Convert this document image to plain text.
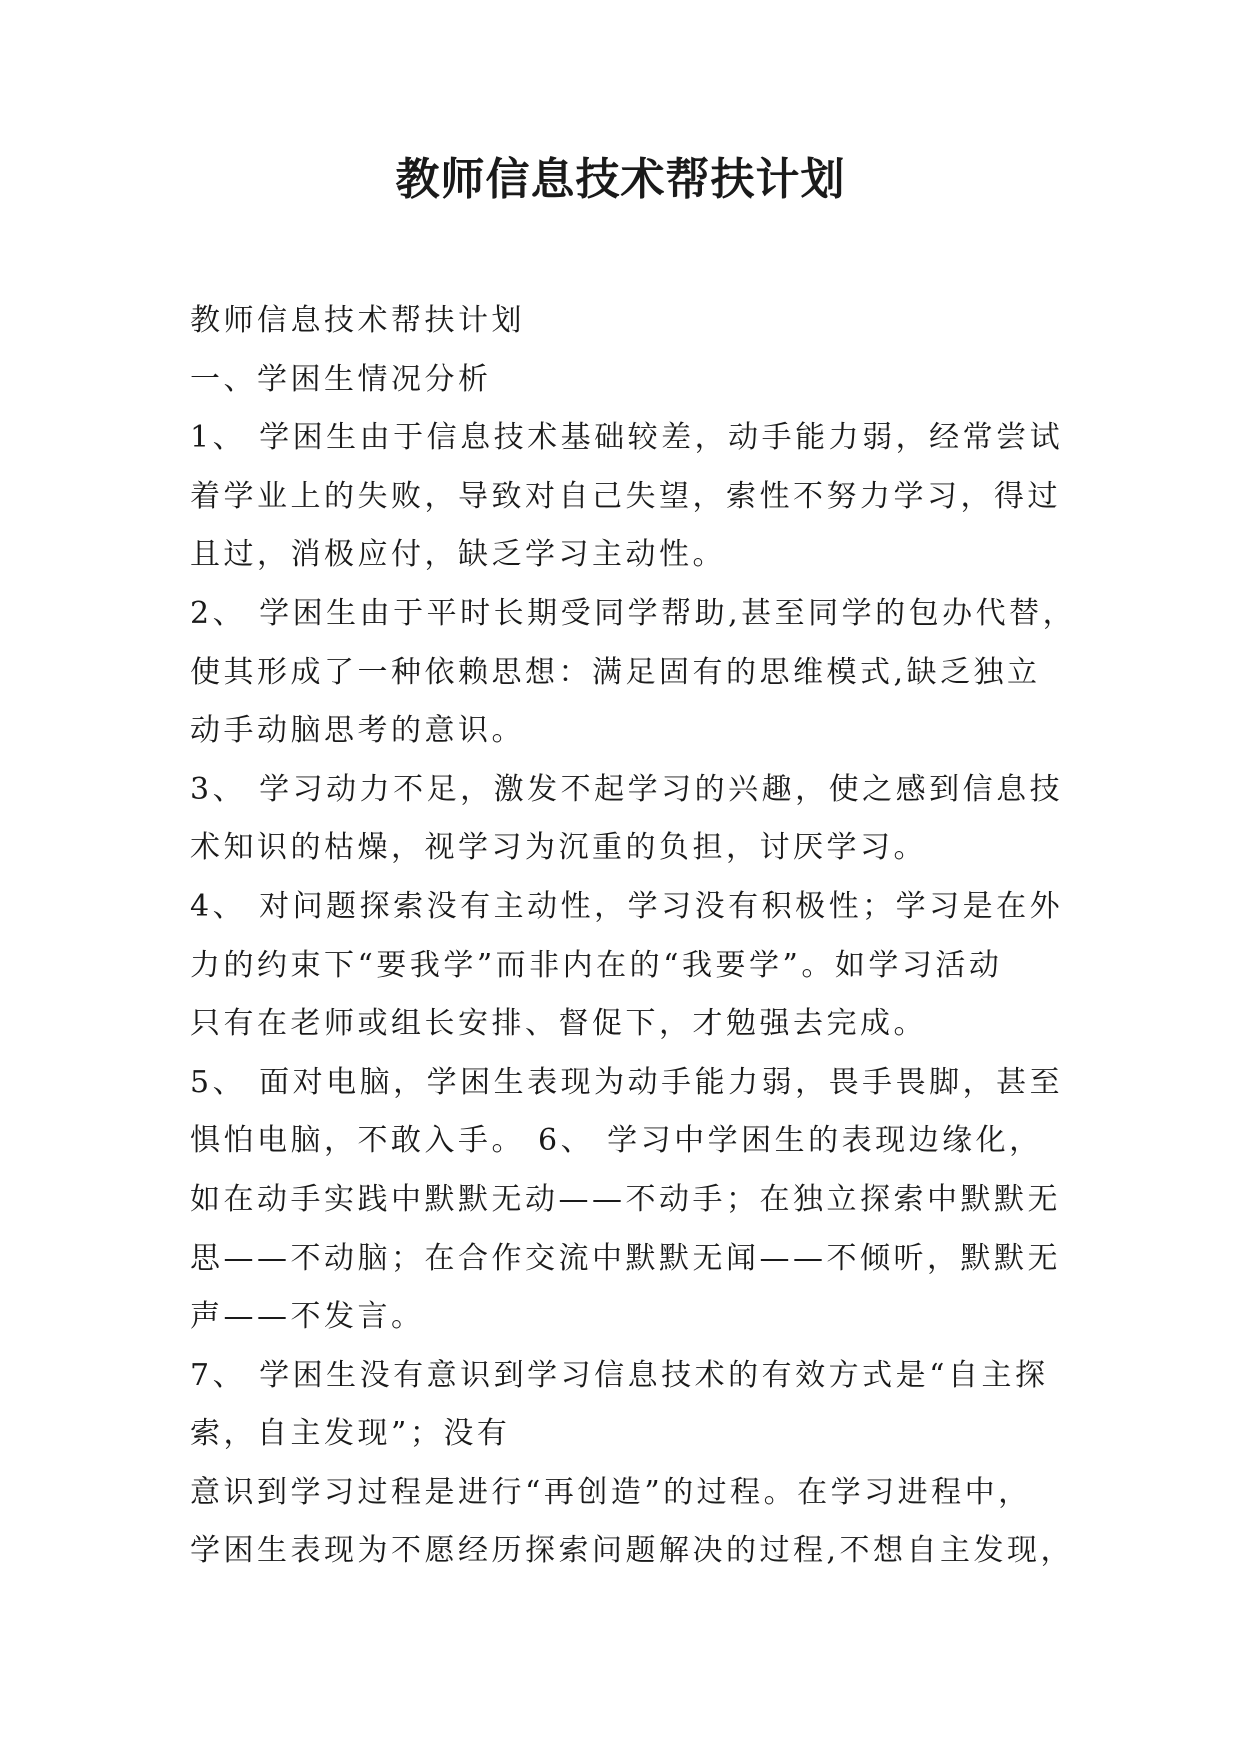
教师信息技术帮扶计划
教师信息技术帮扶计划
一、学困生情况分析
1、 学困生由于信息技术基础较差，动手能力弱，经常尝试
着学业上的失败，导致对自己失望，索性不努力学习，得过
且过，消极应付，缺乏学习主动性。
2、 学困生由于平时长期受同学帮助,甚至同学的包办代替，
使其形成了一种依赖思想：满足固有的思维模式,缺乏独立
动手动脑思考的意识。
3、 学习动力不足，激发不起学习的兴趣，使之感到信息技
术知识的枯燥，视学习为沉重的负担，讨厌学习。
4、 对问题探索没有主动性，学习没有积极性；学习是在外
力的约束下“要我学”而非内在的“我要学”。如学习活动
只有在老师或组长安排、督促下，才勉强去完成。
5、 面对电脑，学困生表现为动手能力弱，畏手畏脚，甚至
惧怕电脑，不敢入手。 6、 学习中学困生的表现边缘化，
如在动手实践中默默无动——不动手；在独立探索中默默无
思——不动脑；在合作交流中默默无闻——不倾听，默默无
声——不发言。
7、 学困生没有意识到学习信息技术的有效方式是“自主探
索，自主发现”；没有
意识到学习过程是进行“再创造”的过程。在学习进程中，
学困生表现为不愿经历探索问题解决的过程,不想自主发现，
